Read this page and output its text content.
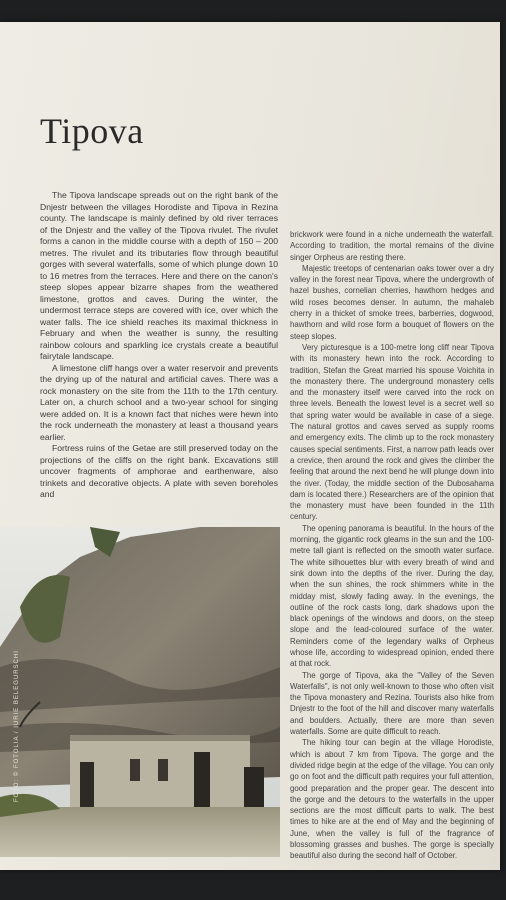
Tipova

The Tipova landscape spreads out on the right bank of the Dnjestr between the villages Horodiste and Tipova in Rezina county. The landscape is mainly defined by old river terraces of the Dnjestr and the valley of the Tipova rivulet. The rivulet forms a canon in the middle course with a depth of 150 – 200 metres. The rivulet and its tributaries flow through beautiful gorges with several waterfalls, some of which plunge down 10 to 16 metres from the terraces. Here and there on the canon's steep slopes appear bizarre shapes from the weathered limestone, grottos and caves. During the winter, the undermost terrace steps are covered with ice, over which the water falls. The ice shield reaches its maximal thickness in February and when the weather is sunny, the resulting rainbow colours and sparkling ice crystals create a beautiful fairytale landscape.

A limestone cliff hangs over a water reservoir and prevents the drying up of the natural and artificial caves. There was a rock monastery on the site from the 11th to the 17th century. Later on, a church school and a two-year school for singing were added on. It is a known fact that niches were hewn into the rock underneath the monastery at least a thousand years earlier.

Fortress ruins of the Getae are still preserved today on the projections of the cliffs on the right bank. Excavations still uncover fragments of amphorae and earthenware, also trinkets and decorative objects. A plate with seven boreholes and

brickwork were found in a niche underneath the waterfall. According to tradition, the mortal remains of the divine singer Orpheus are resting there.

Majestic treetops of centenarian oaks tower over a dry valley in the forest near Tipova, where the undergrowth of hazel bushes, cornelian cherries, hawthorn hedges and wild roses becomes denser. In autumn, the mahaleb cherry in a thicket of smoke trees, barberries, dogwood, hawthorn and wild rose form a bouquet of flowers on the steep slopes.

Very picturesque is a 100-metre long cliff near Tipova with its monastery hewn into the rock. According to tradition, Stefan the Great married his spouse Voichita in the monastery there. The underground monastery cells and the monastery itself were carved into the rock on three levels. Beneath the lowest level is a secret well so that spring water would be available in case of a siege. The natural grottos and caves served as supply rooms and emergency exits. The climb up to the rock monastery causes special sentiments. First, a narrow path leads over a crevice, then around the rock and gives the climber the feeling that around the next bend he will plunge down into the river. (Today, the middle section of the Dubosahama dam is located there.) Researchers are of the opinion that the monastery must have been founded in the 11th century.

The opening panorama is beautiful. In the hours of the morning, the gigantic rock gleams in the sun and the 100-metre tall giant is reflected on the smooth water surface. The white silhouettes blur with every breath of wind and sink down into the depths of the river. During the day, when the sun shines, the rock shimmers white in the midday mist, slowly fading away. In the evenings, the outline of the rock casts long, dark shadows upon the black openings of the windows and doors, on the steep slope and the lead-coloured surface of the water. Reminders come of the legendary walks of Orpheus whose life, according to widespread opinion, ended there at that rock.

The gorge of Tipova, aka the "Valley of the Seven Waterfalls", is not only well-known to those who often visit the Tipova monastery and Rezina. Tourists also hike from Dnjestr to the foot of the hill and discover many waterfalls and boulders. Actually, there are more than seven waterfalls. Some are quite difficult to reach.

The hiking tour can begin at the village Horodiste, which is about 7 km from Tipova. The gorge and the divided ridge begin at the edge of the village. You can only go on foot and the difficult path requires your full attention, good preparation and the proper gear. The descent into the gorge and the detours to the waterfalls in the upper sections are the most difficult parts to walk. The best times to hike are at the end of May and the beginning of June, when the valley is full of the fragrance of blossoming grasses and bushes. The gorge is specially beautiful also during the second half of October.

FOTO: © FOTOLIA / IURIE BELEGURSCHI
